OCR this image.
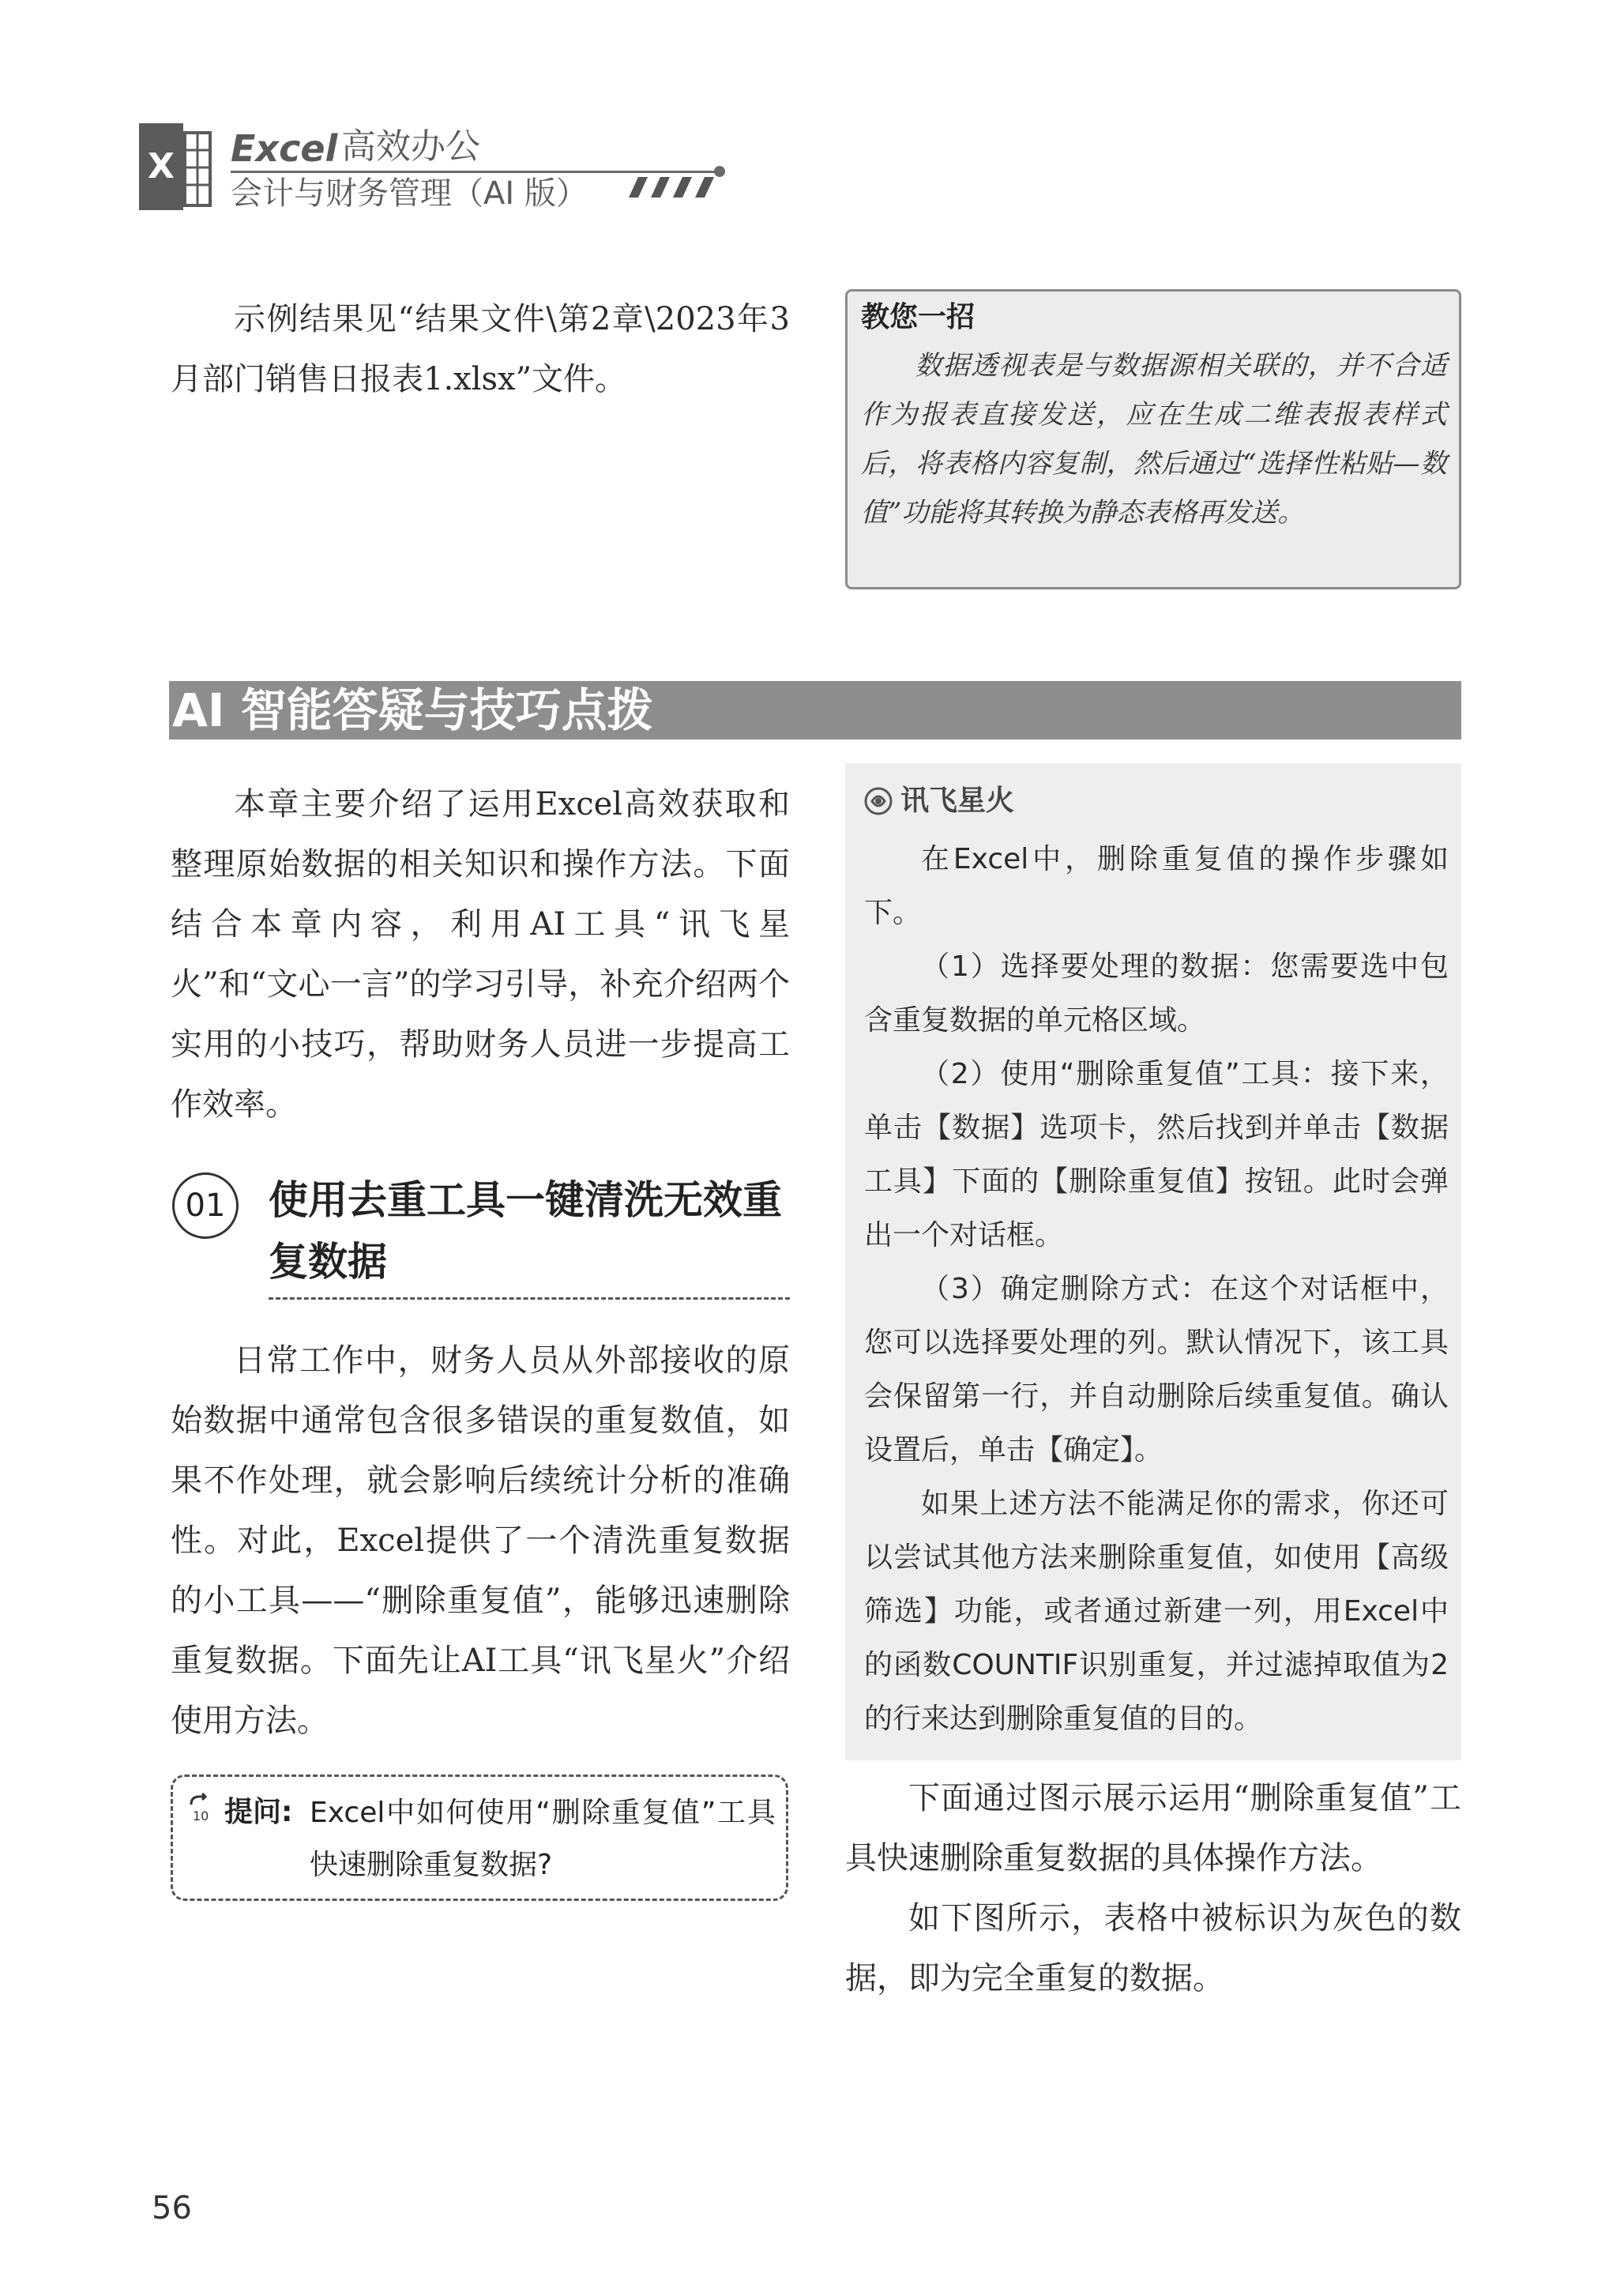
X Excel 高效办公
会计与财务管理（AI 版）

示例结果见“结果文件\第2章\2023年3月部门销售日报表1.xlsx”文件。

教您一招

数据透视表是与数据源相关联的，并不合适作为报表直接发送，应在生成二维表报表样式后，将表格内容复制，然后通过“选择性粘贴—数值”功能将其转换为静态表格再发送。

AI 智能答疑与技巧点拨

本章主要介绍了运用Excel高效获取和整理原始数据的相关知识和操作方法。下面结合本章内容，利用AI工具“讯飞星火”和“文心一言”的学习引导，补充介绍两个实用的小技巧，帮助财务人员进一步提高工作效率。

01	使用去重工具一键清洗无效重复数据

日常工作中，财务人员从外部接收的原始数据中通常包含很多错误的重复数值，如果不作处理，就会影响后续统计分析的准确性。对此，Excel提供了一个清洗重复数据的小工具——“删除重复值”，能够迅速删除重复数据。下面先让AI工具“讯飞星火”介绍使用方法。

10 提问: Excel中如何使用“删除重复值”工具快速删除重复数据?

讯飞星火

在Excel中，删除重复值的操作步骤如下。

（1）选择要处理的数据：您需要选中包含重复数据的单元格区域。

（2）使用“删除重复值”工具：接下来，单击【数据】选项卡，然后找到并单击【数据工具】下面的【删除重复值】按钮。此时会弹出一个对话框。

（3）确定删除方式：在这个对话框中，您可以选择要处理的列。默认情况下，该工具会保留第一行，并自动删除后续重复值。确认设置后，单击【确定】。

如果上述方法不能满足你的需求，你还可以尝试其他方法来删除重复值，如使用【高级筛选】功能，或者通过新建一列，用Excel中的函数COUNTIF识别重复，并过滤掉取值为2的行来达到删除重复值的目的。

下面通过图示展示运用“删除重复值”工具快速删除重复数据的具体操作方法。

如下图所示，表格中被标识为灰色的数据，即为完全重复的数据。

56
